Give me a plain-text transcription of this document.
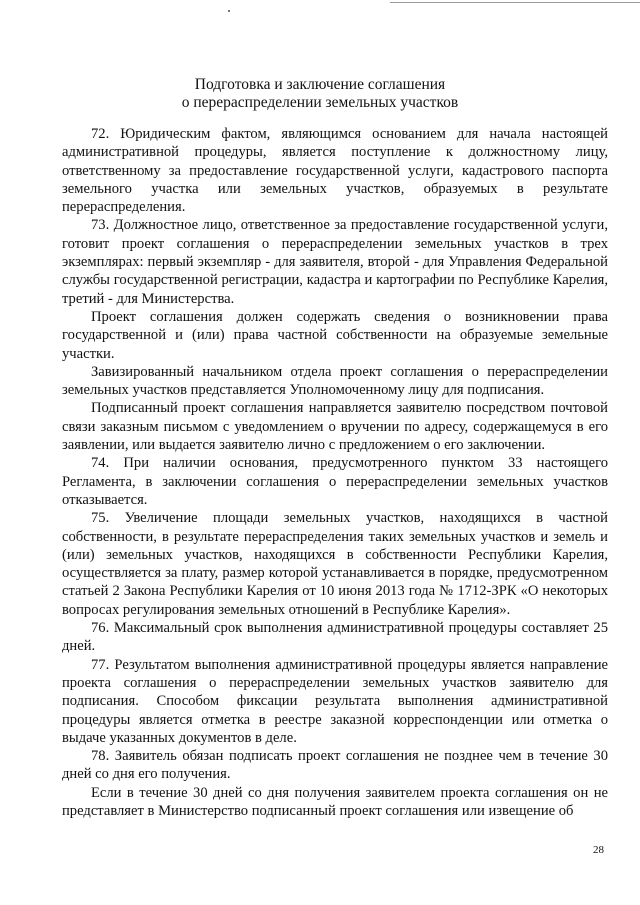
Подготовка и заключение соглашения
о перераспределении земельных участков

72. Юридическим фактом, являющимся основанием для начала настоящей административной процедуры, является поступление к должностному лицу, ответственному за предоставление государственной услуги, кадастрового паспорта земельного участка или земельных участков, образуемых в результате перераспределения.

73. Должностное лицо, ответственное за предоставление государственной услуги, готовит проект соглашения о перераспределении земельных участков в трех экземплярах: первый экземпляр - для заявителя, второй - для Управления Федеральной службы государственной регистрации, кадастра и картографии по Республике Карелия, третий - для Министерства.

Проект соглашения должен содержать сведения о возникновении права государственной и (или) права частной собственности на образуемые земельные участки.

Завизированный начальником отдела проект соглашения о перераспределении земельных участков представляется Уполномоченному лицу для подписания.

Подписанный проект соглашения направляется заявителю посредством почтовой связи заказным письмом с уведомлением о вручении по адресу, содержащемуся в его заявлении, или выдается заявителю лично с предложением о его заключении.

74. При наличии основания, предусмотренного пунктом 33 настоящего Регламента, в заключении соглашения о перераспределении земельных участков отказывается.

75. Увеличение площади земельных участков, находящихся в частной собственности, в результате перераспределения таких земельных участков и земель и (или) земельных участков, находящихся в собственности Республики Карелия, осуществляется за плату, размер которой устанавливается в порядке, предусмотренном статьей 2 Закона Республики Карелия от 10 июня 2013 года № 1712-ЗРК «О некоторых вопросах регулирования земельных отношений в Республике Карелия».

76. Максимальный срок выполнения административной процедуры составляет 25 дней.

77. Результатом выполнения административной процедуры является направление проекта соглашения о перераспределении земельных участков заявителю для подписания. Способом фиксации результата выполнения административной процедуры является отметка в реестре заказной корреспонденции или отметка о выдаче указанных документов в деле.

78. Заявитель обязан подписать проект соглашения не позднее чем в течение 30 дней со дня его получения.

Если в течение 30 дней со дня получения заявителем проекта соглашения он не представляет в Министерство подписанный проект соглашения или извещение об

28
